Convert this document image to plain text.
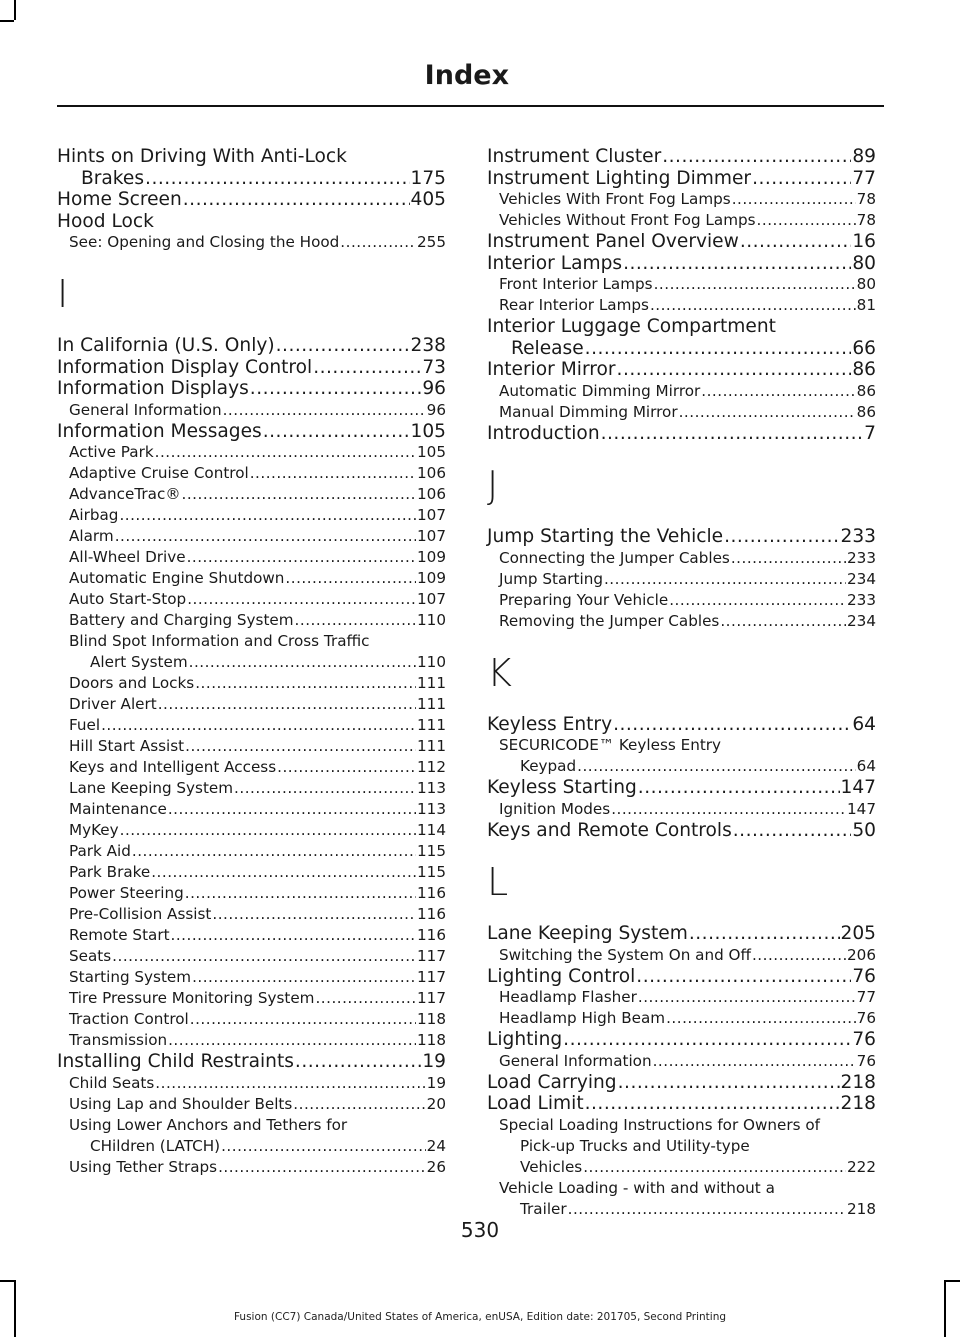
Index
Hints on Driving With Anti-Lock
Brakes .....	175
Home Screen .....	405
Hood Lock
See: Opening and Closing the Hood .....	255
I
In California (U.S. Only) .....	238
Information Display Control .....	73
Information Displays .....	96
General Information .....	96
Information Messages .....	105
Active Park .....	105
Adaptive Cruise Control .....	106
AdvanceTrac® .....	106
Airbag .....	107
Alarm .....	107
All-Wheel Drive .....	109
Automatic Engine Shutdown .....	109
Auto Start-Stop .....	107
Battery and Charging System .....	110
Blind Spot Information and Cross Traffic
Alert System .....	110
Doors and Locks .....	111
Driver Alert .....	111
Fuel .....	111
Hill Start Assist .....	111
Keys and Intelligent Access .....	112
Lane Keeping System .....	113
Maintenance .....	113
MyKey .....	114
Park Aid .....	115
Park Brake .....	115
Power Steering .....	116
Pre-Collision Assist .....	116
Remote Start .....	116
Seats .....	117
Starting System .....	117
Tire Pressure Monitoring System .....	117
Traction Control .....	118
Transmission .....	118
Installing Child Restraints .....	19
Child Seats .....	19
Using Lap and Shoulder Belts .....	20
Using Lower Anchors and Tethers for
CHildren (LATCH) .....	24
Using Tether Straps .....	26
Instrument Cluster .....	89
Instrument Lighting Dimmer .....	77
Vehicles With Front Fog Lamps .....	78
Vehicles Without Front Fog Lamps .....	78
Instrument Panel Overview .....	16
Interior Lamps .....	80
Front Interior Lamps .....	80
Rear Interior Lamps .....	81
Interior Luggage Compartment
Release .....	66
Interior Mirror .....	86
Automatic Dimming Mirror .....	86
Manual Dimming Mirror .....	86
Introduction .....	7
J
Jump Starting the Vehicle .....	233
Connecting the Jumper Cables .....	233
Jump Starting .....	234
Preparing Your Vehicle .....	233
Removing the Jumper Cables .....	234
K
Keyless Entry .....	64
SECURICODE™ Keyless Entry
Keypad .....	64
Keyless Starting .....	147
Ignition Modes .....	147
Keys and Remote Controls .....	50
L
Lane Keeping System .....	205
Switching the System On and Off .....	206
Lighting Control .....	76
Headlamp Flasher .....	77
Headlamp High Beam .....	76
Lighting .....	76
General Information .....	76
Load Carrying .....	218
Load Limit .....	218
Special Loading Instructions for Owners of
Pick-up Trucks and Utility-type
Vehicles .....	222
Vehicle Loading - with and without a
Trailer .....	218
530
Fusion (CC7) Canada/United States of America, enUSA, Edition date: 201705, Second Printing
